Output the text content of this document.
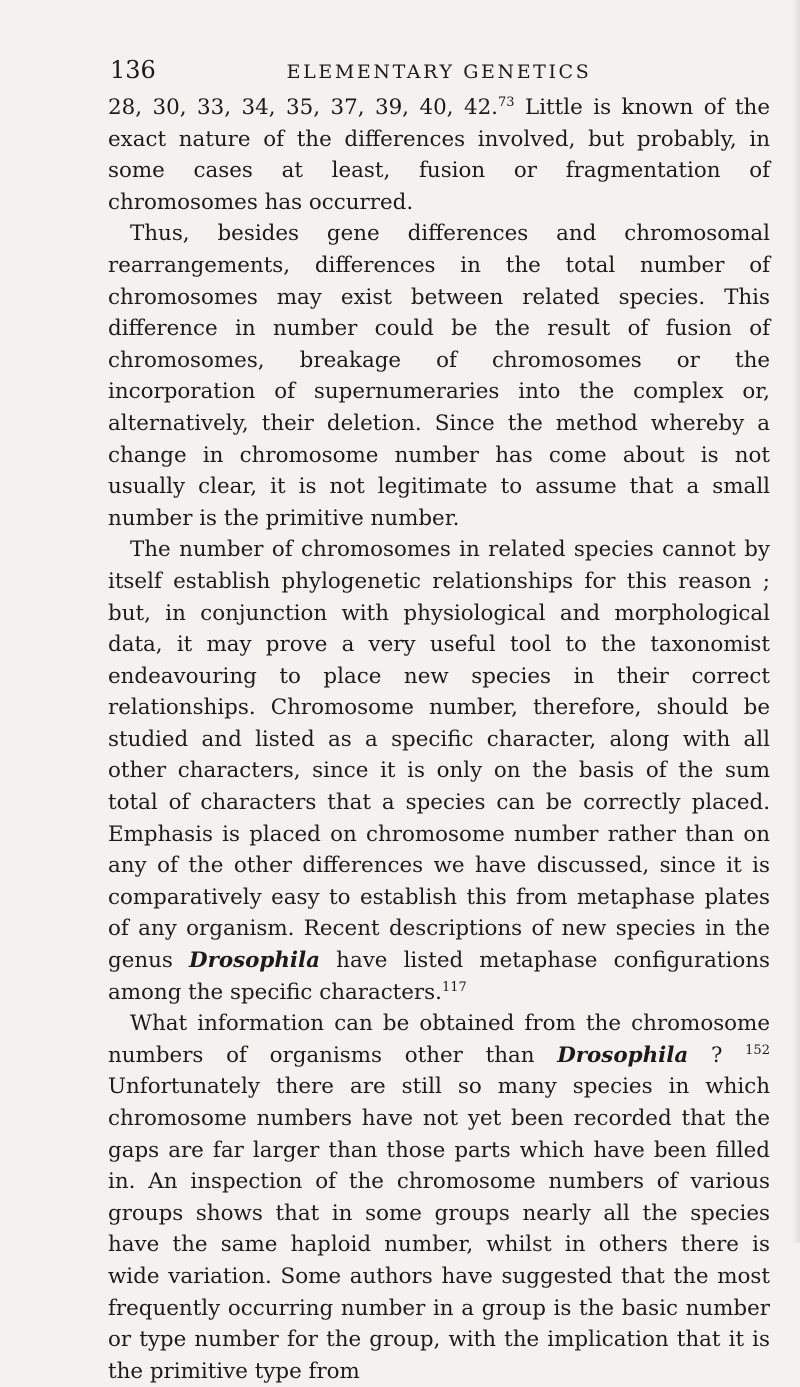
136	ELEMENTARY GENETICS

28, 30, 33, 34, 35, 37, 39, 40, 42.73 Little is known of the exact nature of the differences involved, but probably, in some cases at least, fusion or fragmentation of chromosomes has occurred.

Thus, besides gene differences and chromosomal rearrangements, differences in the total number of chromosomes may exist between related species. This difference in number could be the result of fusion of chromosomes, breakage of chromosomes or the incorporation of supernumeraries into the complex or, alternatively, their deletion. Since the method whereby a change in chromosome number has come about is not usually clear, it is not legitimate to assume that a small number is the primitive number.

The number of chromosomes in related species cannot by itself establish phylogenetic relationships for this reason ; but, in conjunction with physiological and morphological data, it may prove a very useful tool to the taxonomist endeavouring to place new species in their correct relationships. Chromosome number, therefore, should be studied and listed as a specific character, along with all other characters, since it is only on the basis of the sum total of characters that a species can be correctly placed. Emphasis is placed on chromosome number rather than on any of the other differences we have discussed, since it is comparatively easy to establish this from metaphase plates of any organism. Recent descriptions of new species in the genus Drosophila have listed metaphase configurations among the specific characters.$^{117}$

What information can be obtained from the chromosome numbers of organisms other than Drosophila ? $^{152}$ Unfortunately there are still so many species in which chromosome numbers have not yet been recorded that the gaps are far larger than those parts which have been filled in. An inspection of the chromosome numbers of various groups shows that in some groups nearly all the species have the same haploid number, whilst in others there is wide variation. Some authors have suggested that the most frequently occurring number in a group is the basic number or type number for the group, with the implication that it is the primitive type from
